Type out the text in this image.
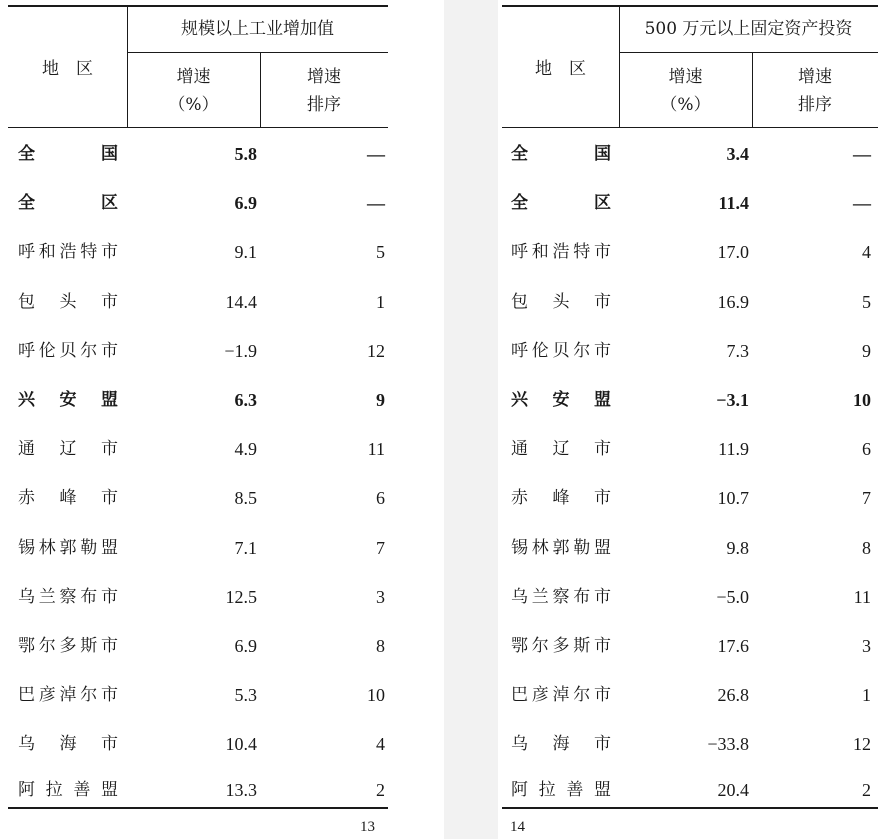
地　区
规模以上工业增加值
增速
（%）
增速
排序
全	国	5.8	—
全	区	6.9	—
呼 和 浩 特 市	9.1	5
包 头 市	14.4	1
呼 伦 贝 尔 市	−1.9	12
兴 安 盟	6.3	9
通 辽 市	4.9	11
赤 峰 市	8.5	6
锡 林 郭 勒 盟	7.1	7
乌 兰 察 布 市	12.5	3
鄂 尔 多 斯 市	6.9	8
巴 彦 淖 尔 市	5.3	10
乌 海 市	10.4	4
阿 拉 善 盟	13.3	2
13
地　区
500 万元以上固定资产投资
增速
（%）
增速
排序
全	国	3.4	—
全	区	11.4	—
呼 和 浩 特 市	17.0	4
包 头 市	16.9	5
呼 伦 贝 尔 市	7.3	9
兴 安 盟	−3.1	10
通 辽 市	11.9	6
赤 峰 市	10.7	7
锡 林 郭 勒 盟	9.8	8
乌 兰 察 布 市	−5.0	11
鄂 尔 多 斯 市	17.6	3
巴 彦 淖 尔 市	26.8	1
乌 海 市	−33.8	12
阿 拉 善 盟	20.4	2
14
